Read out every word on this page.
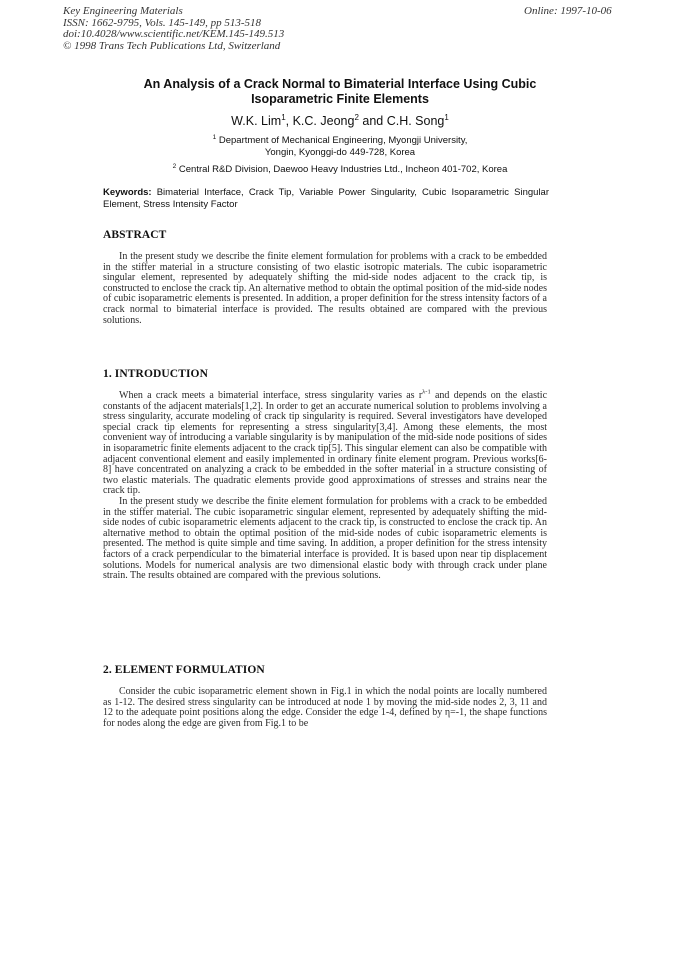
Key Engineering Materials
ISSN: 1662-9795, Vols. 145-149, pp 513-518
doi:10.4028/www.scientific.net/KEM.145-149.513
© 1998 Trans Tech Publications Ltd, Switzerland
Online: 1997-10-06
An Analysis of a Crack Normal to Bimaterial Interface Using Cubic
Isoparametric Finite Elements
W.K. Lim$^1$, K.C. Jeong$^2$ and C.H. Song$^1$
$^1$ Department of Mechanical Engineering, Myongji University,
Yongin, Kyonggi-do 449-728, Korea
$^2$ Central R&D Division, Daewoo Heavy Industries Ltd., Incheon 401-702, Korea
Keywords: Bimaterial Interface, Crack Tip, Variable Power Singularity, Cubic Isoparametric Singular Element, Stress Intensity Factor
ABSTRACT

In the present study we describe the finite element formulation for problems with a crack to be embedded in the stiffer material in a structure consisting of two elastic isotropic materials. The cubic isoparametric singular element, represented by adequately shifting the mid-side nodes adjacent to the crack tip, is constructed to enclose the crack tip. An alternative method to obtain the optimal position of the mid-side nodes of cubic isoparametric elements is presented. In addition, a proper definition for the stress intensity factors of a crack normal to bimaterial interface is provided. The results obtained are compared with the previous solutions.

1. INTRODUCTION

When a crack meets a bimaterial interface, stress singularity varies as $r^{\lambda-1}$ and depends on the elastic constants of the adjacent materials[1,2]. In order to get an accurate numerical solution to problems involving a stress singularity, accurate modeling of crack tip singularity is required. Several investigators have developed special crack tip elements for representing a stress singularity[3,4]. Among these elements, the most convenient way of introducing a variable singularity is by manipulation of the mid-side node positions of sides in isoparametric finite elements adjacent to the crack tip[5]. This singular element can also be compatible with adjacent conventional element and easily implemented in ordinary finite element program. Previous works[6-8] have concentrated on analyzing a crack to be embedded in the softer material in a structure consisting of two elastic materials. The quadratic elements provide good approximations of stresses and strains near the crack tip.

In the present study we describe the finite element formulation for problems with a crack to be embedded in the stiffer material. The cubic isoparametric singular element, represented by adequately shifting the mid-side nodes of cubic isoparametric elements adjacent to the crack tip, is constructed to enclose the crack tip. An alternative method to obtain the optimal position of the mid-side nodes of cubic isoparametric elements is presented. The method is quite simple and time saving. In addition, a proper definition for the stress intensity factors of a crack perpendicular to the bimaterial interface is provided. It is based upon near tip displacement solutions. Models for numerical analysis are two dimensional elastic body with through crack under plane strain. The results obtained are compared with the previous solutions.

2. ELEMENT FORMULATION

Consider the cubic isoparametric element shown in Fig.1 in which the nodal points are locally numbered as 1-12. The desired stress singularity can be introduced at node 1 by moving the mid-side nodes 2, 3, 11 and 12 to the adequate point positions along the edge. Consider the edge 1-4, defined by η=-1, the shape functions for nodes along the edge are given from Fig.1 to be
